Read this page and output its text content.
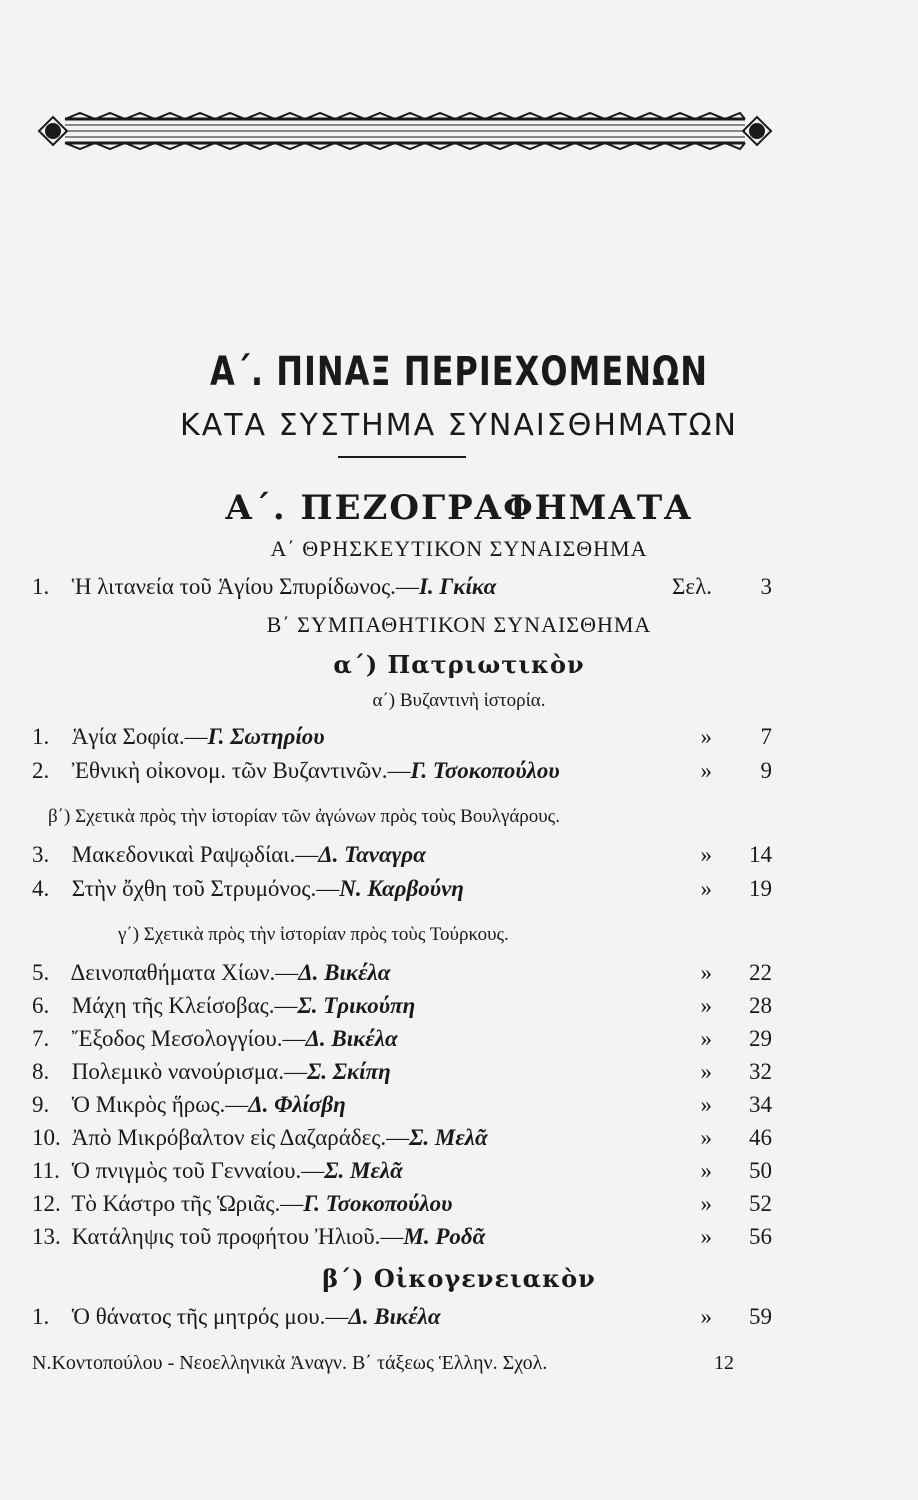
Α΄. ΠΙΝΑΞ ΠΕΡΙΕΧΟΜΕΝΩΝ
ΚΑΤΑ ΣΥΣΤΗΜΑ ΣΥΝΑΙΣΘΗΜΑΤΩΝ
Α΄. ΠΕΖΟΓΡΑΦΗΜΑΤΑ
Α΄ ΘΡΗΣΚΕΥΤΙΚΟΝ ΣΥΝΑΙΣΘΗΜΑ
1. Ἡ λιτανεία τοῦ Ἁγίου Σπυρίδωνος.—Ι. Γκίκα	Σελ.	3
Β΄ ΣΥΜΠΑΘΗΤΙΚΟΝ ΣΥΝΑΙΣΘΗΜΑ
α΄) Πατριωτικὸν
α΄) Βυζαντινὴ ἱστορία.
1. Ἁγία Σοφία.—Γ. Σωτηρίου	»	7
2. Ἐθνικὴ οἰκονομ. τῶν Βυζαντινῶν.—Γ. Τσοκοπούλου	»	9
β΄) Σχετικὰ πρὸς τὴν ἱστορίαν τῶν ἀγώνων πρὸς τοὺς Βουλγάρους.
3. Μακεδονικαὶ Ραψῳδίαι.—Δ. Ταναγρα	»	14
4. Στὴν ὄχθη τοῦ Στρυμόνος.—Ν. Καρβούνη	»	19
γ΄) Σχετικὰ πρὸς τὴν ἱστορίαν πρὸς τοὺς Τούρκους.
5. Δεινοπαθήματα Χίων.—Δ. Βικέλα	»	22
6. Μάχη τῆς Κλείσοβας.—Σ. Τρικούπη	»	28
7. Ἔξοδος Μεσολογγίου.—Δ. Βικέλα	»	29
8. Πολεμικὸ νανούρισμα.—Σ. Σκίπη	»	32
9. Ὁ Μικρὸς ἥρως.—Δ. Φλίσβη	»	34
10. Ἀπὸ Μικρόβαλτον εἰς Δαζαράδες.—Σ. Μελᾶ	»	46
11. Ὁ πνιγμὸς τοῦ Γενναίου.—Σ. Μελᾶ	»	50
12. Τὸ Κάστρο τῆς Ὡριᾶς.—Γ. Τσοκοπούλου	»	52
13. Κατάληψις τοῦ προφήτου Ἠλιοῦ.—Μ. Ροδᾶ	»	56
β΄) Οἰκογενειακὸν
1. Ὁ θάνατος τῆς μητρός μου.—Δ. Βικέλα	»	59
Ν.Κοντοπούλου - Νεοελληνικὰ Ἀναγν. Β΄ τάξεως Ἑλλην. Σχολ.	12
